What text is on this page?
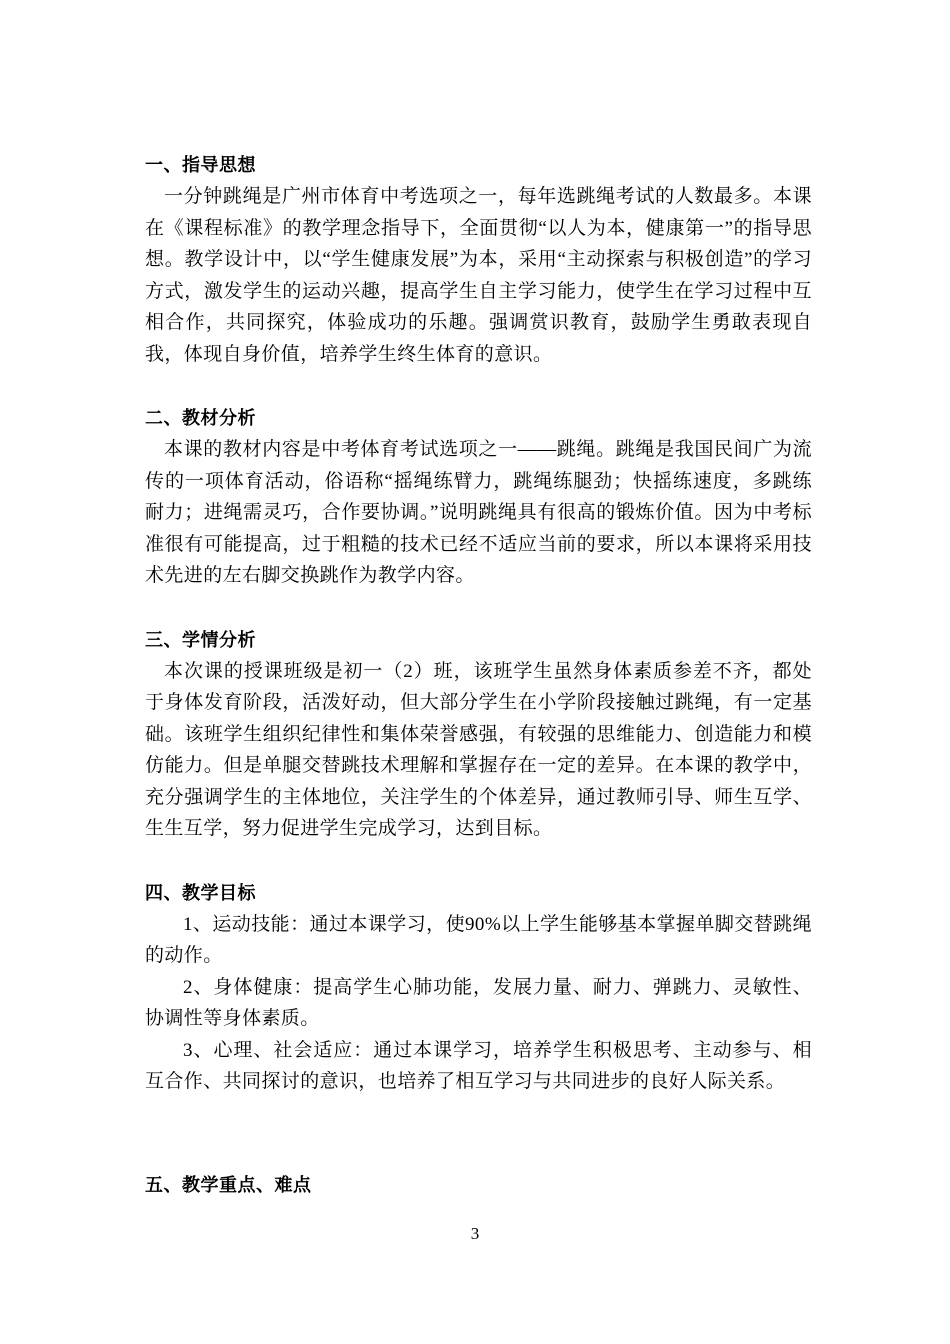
一、指导思想

一分钟跳绳是广州市体育中考选项之一，每年选跳绳考试的人数最多。本课在《课程标准》的教学理念指导下，全面贯彻“以人为本，健康第一”的指导思想。教学设计中，以“学生健康发展”为本，采用“主动探索与积极创造”的学习方式，激发学生的运动兴趣，提高学生自主学习能力，使学生在学习过程中互相合作，共同探究，体验成功的乐趣。强调赏识教育，鼓励学生勇敢表现自我，体现自身价值，培养学生终生体育的意识。

二、教材分析

本课的教材内容是中考体育考试选项之一——跳绳。跳绳是我国民间广为流传的一项体育活动，俗语称“摇绳练臂力，跳绳练腿劲；快摇练速度，多跳练耐力；进绳需灵巧，合作要协调。”说明跳绳具有很高的锻炼价值。因为中考标准很有可能提高，过于粗糙的技术已经不适应当前的要求，所以本课将采用技术先进的左右脚交换跳作为教学内容。

三、学情分析

本次课的授课班级是初一（2）班，该班学生虽然身体素质参差不齐，都处于身体发育阶段，活泼好动，但大部分学生在小学阶段接触过跳绳，有一定基础。该班学生组织纪律性和集体荣誉感强，有较强的思维能力、创造能力和模仿能力。但是单腿交替跳技术理解和掌握存在一定的差异。在本课的教学中，充分强调学生的主体地位，关注学生的个体差异，通过教师引导、师生互学、生生互学，努力促进学生完成学习，达到目标。

四、教学目标

1、运动技能：通过本课学习，使90%以上学生能够基本掌握单脚交替跳绳的动作。

2、身体健康：提高学生心肺功能，发展力量、耐力、弹跳力、灵敏性、协调性等身体素质。

3、心理、社会适应：通过本课学习，培养学生积极思考、主动参与、相互合作、共同探讨的意识，也培养了相互学习与共同进步的良好人际关系。

五、教学重点、难点
3
